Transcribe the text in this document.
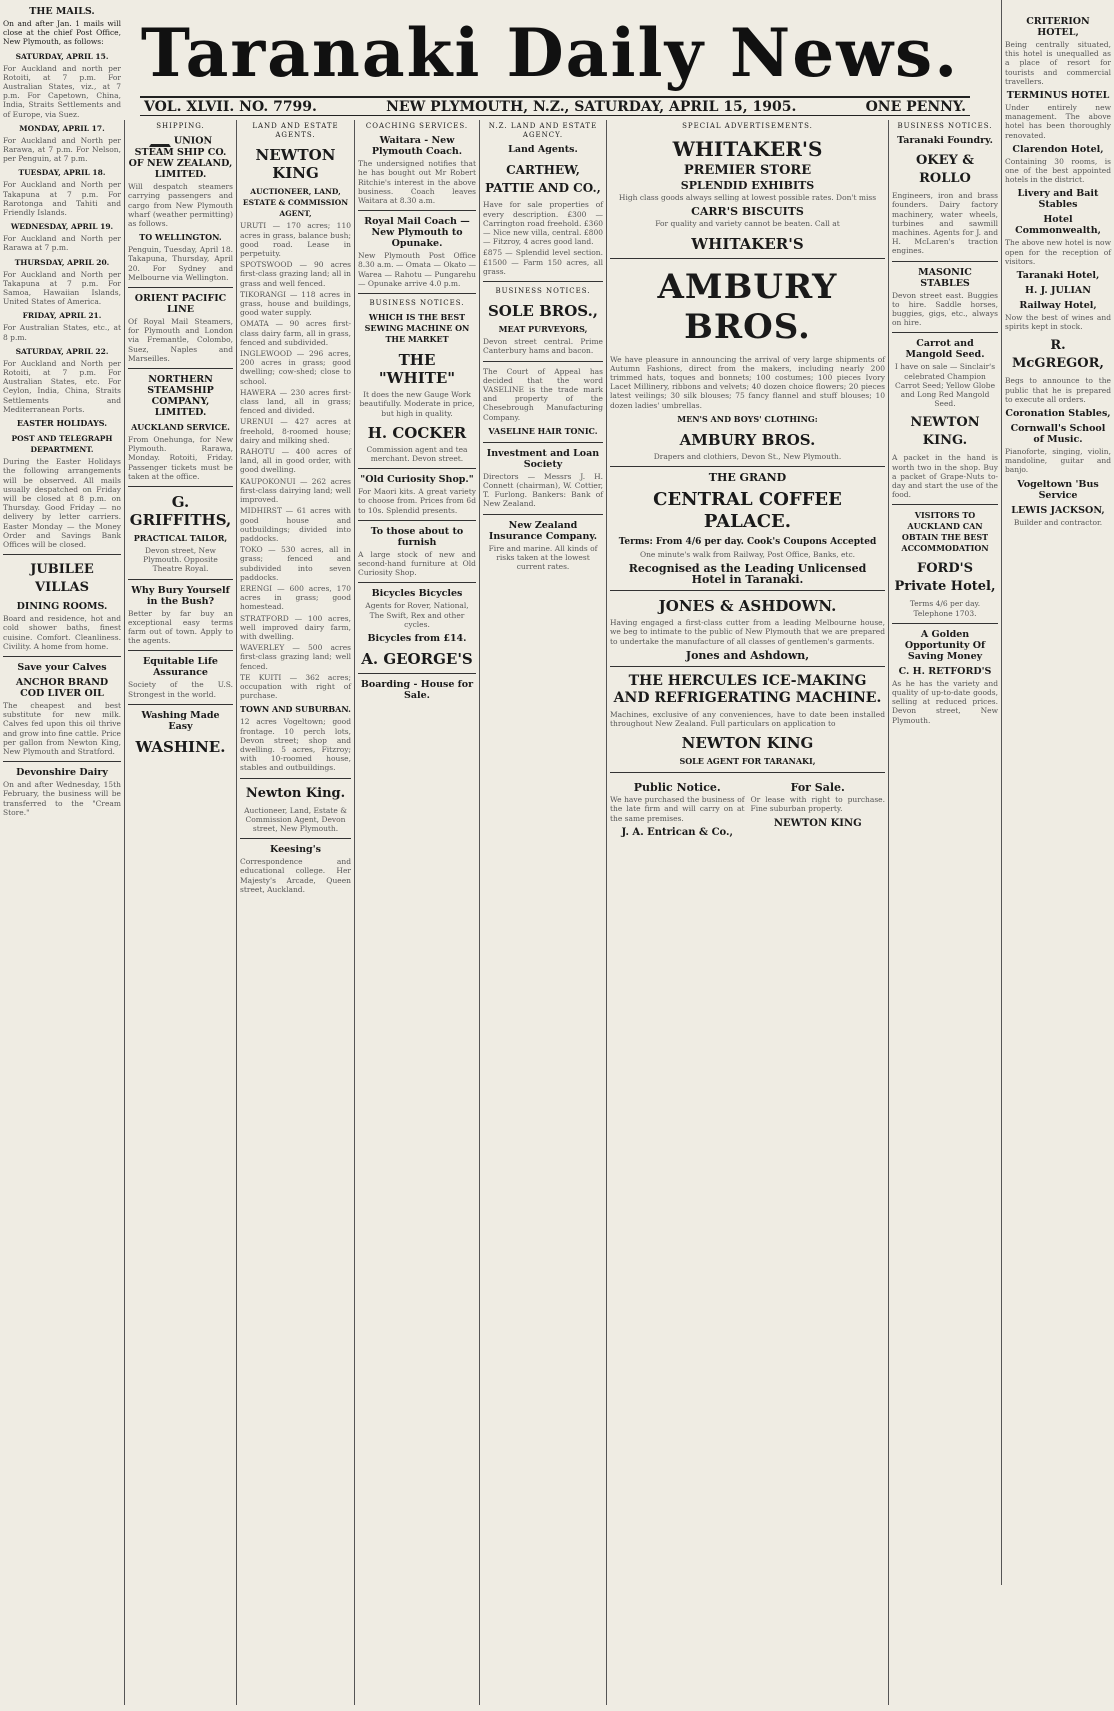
THE MAILS.

On and after Jan. 1 mails will close at the chief Post Office, New Plymouth, as follows:

SATURDAY, APRIL 15.

For Auckland and north per Rotoiti, at 7 p.m. For Australian States, viz., at 7 p.m. For Capetown, China, India, Straits Settlements and of Europe, via Suez.

MONDAY, APRIL 17.

For Auckland and North per Rarawa, at 7 p.m. For Nelson, per Penguin, at 7 p.m.

TUESDAY, APRIL 18.

For Auckland and North per Takapuna at 7 p.m. For Rarotonga and Tahiti and Friendly Islands.

WEDNESDAY, APRIL 19.

For Auckland and North per Rarawa at 7 p.m.

THURSDAY, APRIL 20.

For Auckland and North per Takapuna at 7 p.m. For Samoa, Hawaiian Islands, United States of America.

FRIDAY, APRIL 21.

For Australian States, etc., at 8 p.m.

SATURDAY, APRIL 22.

For Auckland and North per Rotoiti, at 7 p.m. For Australian States, etc. For Ceylon, India, China, Straits Settlements and Mediterranean Ports.

EASTER HOLIDAYS.
POST AND TELEGRAPH DEPARTMENT.

During the Easter Holidays the following arrangements will be observed. All mails usually despatched on Friday will be closed at 8 p.m. on Thursday. Good Friday — no delivery by letter carriers. Easter Monday — the Money Order and Savings Bank Offices will be closed.

JUBILEE VILLAS
DINING ROOMS.

Board and residence, hot and cold shower baths, finest cuisine. Comfort. Cleanliness. Civility. A home from home.

Save your Calves
ANCHOR BRAND COD LIVER OIL

The cheapest and best substitute for new milk. Calves fed upon this oil thrive and grow into fine cattle. Price per gallon from Newton King, New Plymouth and Stratford.

Devonshire Dairy

On and after Wednesday, 15th February, the business will be transferred to the "Cream Store."

Taranaki Daily News.
VOL. XLVII. NO. 7799.	NEW PLYMOUTH, N.Z., SATURDAY, APRIL 15, 1905.	ONE PENNY.
SHIPPING.
UNION STEAM SHIP CO. OF NEW ZEALAND, LIMITED.

Will despatch steamers carrying passengers and cargo from New Plymouth wharf (weather permitting) as follows.

TO WELLINGTON.

Penguin, Tuesday, April 18. Takapuna, Thursday, April 20. For Sydney and Melbourne via Wellington.

ORIENT PACIFIC LINE

Of Royal Mail Steamers, for Plymouth and London via Fremantle, Colombo, Suez, Naples and Marseilles.

NORTHERN STEAMSHIP COMPANY, LIMITED.
AUCKLAND SERVICE.

From Onehunga, for New Plymouth. Rarawa, Monday. Rotoiti, Friday. Passenger tickets must be taken at the office.

G. GRIFFITHS,
PRACTICAL TAILOR,

Devon street, New Plymouth. Opposite Theatre Royal.

Why Bury Yourself in the Bush?

Better by far buy an exceptional easy terms farm out of town. Apply to the agents.

Equitable Life Assurance

Society of the U.S. Strongest in the world.

Washing Made Easy
WASHINE.
LAND AND ESTATE AGENTS.
NEWTON KING
AUCTIONEER, LAND, ESTATE & COMMISSION AGENT,

URUTI — 170 acres; 110 acres in grass, balance bush; good road. Lease in perpetuity.

SPOTSWOOD — 90 acres first-class grazing land; all in grass and well fenced.

TIKORANGI — 118 acres in grass, house and buildings, good water supply.

OMATA — 90 acres first-class dairy farm, all in grass, fenced and subdivided.

INGLEWOOD — 296 acres, 200 acres in grass; good dwelling; cow-shed; close to school.

HAWERA — 230 acres first-class land, all in grass; fenced and divided.

URENUI — 427 acres at freehold, 8-roomed house; dairy and milking shed.

RAHOTU — 400 acres of land, all in good order, with good dwelling.

KAUPOKONUI — 262 acres first-class dairying land; well improved.

MIDHIRST — 61 acres with good house and outbuildings; divided into paddocks.

TOKO — 530 acres, all in grass; fenced and subdivided into seven paddocks.

ERENGI — 600 acres, 170 acres in grass; good homestead.

STRATFORD — 100 acres, well improved dairy farm, with dwelling.

WAVERLEY — 500 acres first-class grazing land; well fenced.

TE KUITI — 362 acres; occupation with right of purchase.

TOWN AND SUBURBAN.

12 acres Vogeltown; good frontage. 10 perch lots, Devon street; shop and dwelling. 5 acres, Fitzroy; with 10-roomed house, stables and outbuildings.

Newton King.

Auctioneer, Land, Estate & Commission Agent, Devon street, New Plymouth.

Keesing's

Correspondence and educational college. Her Majesty's Arcade, Queen street, Auckland.

COACHING SERVICES.
Waitara - New Plymouth Coach.

The undersigned notifies that he has bought out Mr Robert Ritchie's interest in the above business. Coach leaves Waitara at 8.30 a.m.

Royal Mail Coach — New Plymouth to Opunake.

New Plymouth Post Office 8.30 a.m. — Omata — Okato — Warea — Rahotu — Pungarehu — Opunake arrive 4.0 p.m.

BUSINESS NOTICES.
WHICH IS THE BEST SEWING MACHINE ON THE MARKET
THE "WHITE"

It does the new Gauge Work beautifully. Moderate in price, but high in quality.

H. COCKER

Commission agent and tea merchant. Devon street.

"Old Curiosity Shop."

For Maori kits. A great variety to choose from. Prices from 6d to 10s. Splendid presents.

To those about to furnish

A large stock of new and second-hand furniture at Old Curiosity Shop.

Bicycles Bicycles

Agents for Rover, National, The Swift, Rex and other cycles.

Bicycles from £14.
A. GEORGE'S
Boarding - House for Sale.
N.Z. LAND AND ESTATE AGENCY.
Land Agents.
CARTHEW, PATTIE AND CO.,

Have for sale properties of every description. £300 — Carrington road freehold. £360 — Nice new villa, central. £800 — Fitzroy, 4 acres good land.

£875 — Splendid level section. £1500 — Farm 150 acres, all grass.

BUSINESS NOTICES.
SOLE BROS.,
MEAT PURVEYORS,

Devon street central. Prime Canterbury hams and bacon.

The Court of Appeal has decided that the word VASELINE is the trade mark and property of the Chesebrough Manufacturing Company.

VASELINE HAIR TONIC.
Investment and Loan Society

Directors — Messrs J. H. Connett (chairman), W. Cottier, T. Furlong. Bankers: Bank of New Zealand.

New Zealand Insurance Company.

Fire and marine. All kinds of risks taken at the lowest current rates.

SPECIAL ADVERTISEMENTS.
WHITAKER'S
PREMIER STORE
SPLENDID EXHIBITS

High class goods always selling at lowest possible rates. Don't miss

CARR'S BISCUITS

For quality and variety cannot be beaten. Call at

WHITAKER'S
AMBURY BROS.

We have pleasure in announcing the arrival of very large shipments of Autumn Fashions, direct from the makers, including nearly 200 trimmed hats, toques and bonnets; 100 costumes; 100 pieces Ivory Lacet Millinery, ribbons and velvets; 40 dozen choice flowers; 20 pieces latest veilings; 30 silk blouses; 75 fancy flannel and stuff blouses; 10 dozen ladies' umbrellas.

MEN'S AND BOYS' CLOTHING:
AMBURY BROS.

Drapers and clothiers, Devon St., New Plymouth.

THE GRAND
CENTRAL COFFEE PALACE.
Terms: From 4/6 per day. Cook's Coupons Accepted

One minute's walk from Railway, Post Office, Banks, etc.

Recognised as the Leading Unlicensed Hotel in Taranaki.
JONES & ASHDOWN.

Having engaged a first-class cutter from a leading Melbourne house, we beg to intimate to the public of New Plymouth that we are prepared to undertake the manufacture of all classes of gentlemen's garments.

Jones and Ashdown,
THE HERCULES ICE-MAKING AND REFRIGERATING MACHINE.

Machines, exclusive of any conveniences, have to date been installed throughout New Zealand. Full particulars on application to

NEWTON KING
SOLE AGENT FOR TARANAKI,
Public Notice.

We have purchased the business of the late firm and will carry on at the same premises.

J. A. Entrican & Co.,
For Sale.

Or lease with right to purchase. Fine suburban property.

NEWTON KING
BUSINESS NOTICES.
Taranaki Foundry.
OKEY & ROLLO

Engineers, iron and brass founders. Dairy factory machinery, water wheels, turbines and sawmill machines. Agents for J. and H. McLaren's traction engines.

MASONIC STABLES

Devon street east. Buggies to hire. Saddle horses, buggies, gigs, etc., always on hire.

Carrot and Mangold Seed.

I have on sale — Sinclair's celebrated Champion Carrot Seed; Yellow Globe and Long Red Mangold Seed.

NEWTON KING.

A packet in the hand is worth two in the shop. Buy a packet of Grape-Nuts to-day and start the use of the food.

VISITORS TO AUCKLAND CAN OBTAIN THE BEST ACCOMMODATION
FORD'S Private Hotel,

Terms 4/6 per day. Telephone 1703.

A Golden Opportunity Of Saving Money
C. H. RETFORD'S

As he has the variety and quality of up-to-date goods, selling at reduced prices. Devon street, New Plymouth.

CRITERION HOTEL,

Being centrally situated, this hotel is unequalled as a place of resort for tourists and commercial travellers.

TERMINUS HOTEL

Under entirely new management. The above hotel has been thoroughly renovated.

Clarendon Hotel,

Containing 30 rooms, is one of the best appointed hotels in the district.

Livery and Bait Stables
Hotel Commonwealth,

The above new hotel is now open for the reception of visitors.

Taranaki Hotel,
H. J. JULIAN
Railway Hotel,

Now the best of wines and spirits kept in stock.

R. McGREGOR,

Begs to announce to the public that he is prepared to execute all orders.

Coronation Stables,
Cornwall's School of Music.

Pianoforte, singing, violin, mandoline, guitar and banjo.

Vogeltown 'Bus Service
LEWIS JACKSON,

Builder and contractor.
